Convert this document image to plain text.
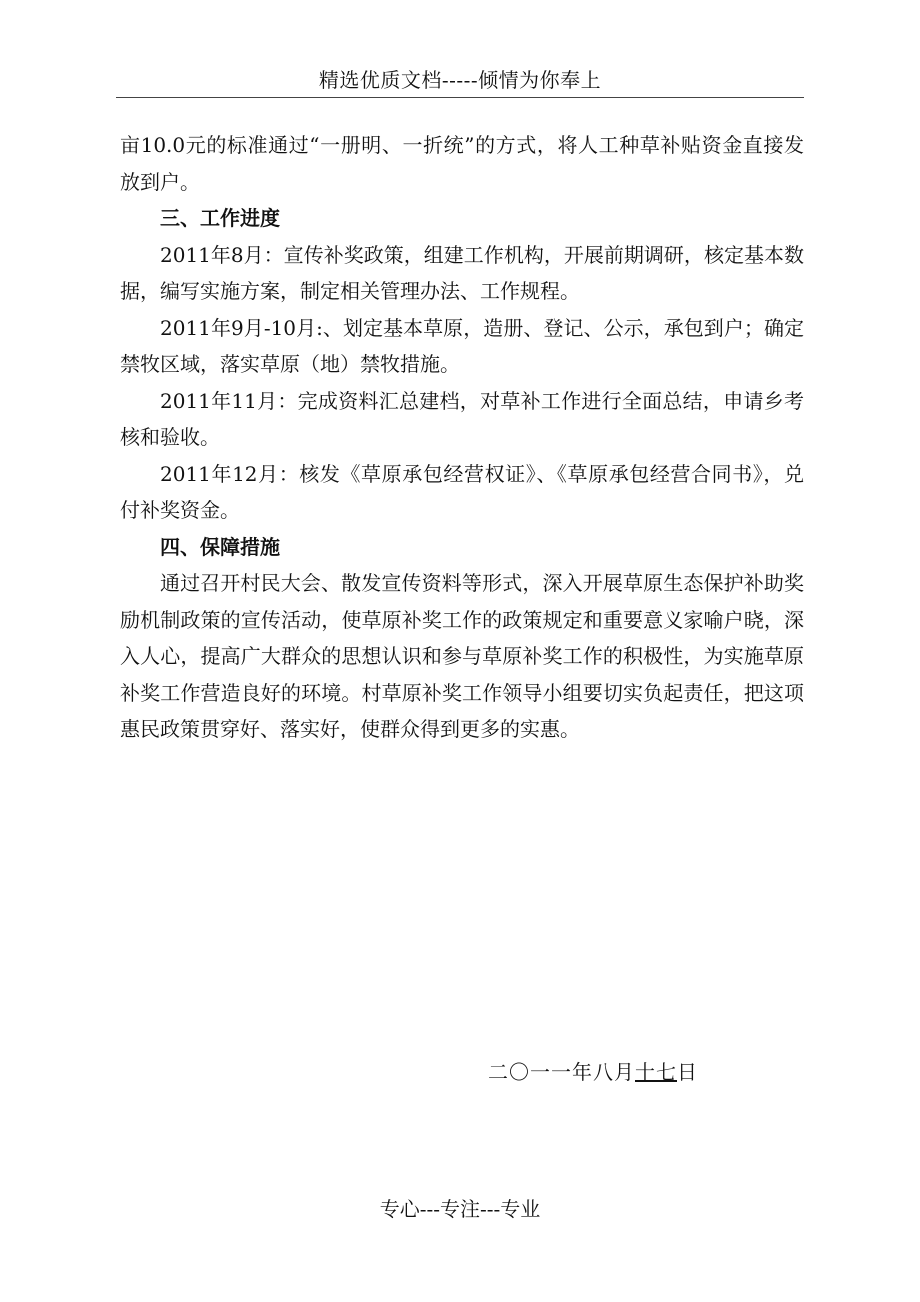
精选优质文档-----倾情为你奉上

亩10.0元的标准通过“一册明、一折统”的方式，将人工种草补贴资金直接发放到户。

三、工作进度

2011年8月：宣传补奖政策，组建工作机构，开展前期调研，核定基本数据，编写实施方案，制定相关管理办法、工作规程。

2011年9月-10月:、划定基本草原，造册、登记、公示，承包到户；确定禁牧区域，落实草原（地）禁牧措施。

2011年11月：完成资料汇总建档，对草补工作进行全面总结，申请乡考核和验收。

2011年12月：核发《草原承包经营权证》、《草原承包经营合同书》，兑付补奖资金。

四、保障措施

通过召开村民大会、散发宣传资料等形式，深入开展草原生态保护补助奖励机制政策的宣传活动，使草原补奖工作的政策规定和重要意义家喻户晓，深入人心，提高广大群众的思想认识和参与草原补奖工作的积极性，为实施草原补奖工作营造良好的环境。村草原补奖工作领导小组要切实负起责任，把这项惠民政策贯穿好、落实好，使群众得到更多的实惠。

二〇一一年八月十七日
专心---专注---专业
